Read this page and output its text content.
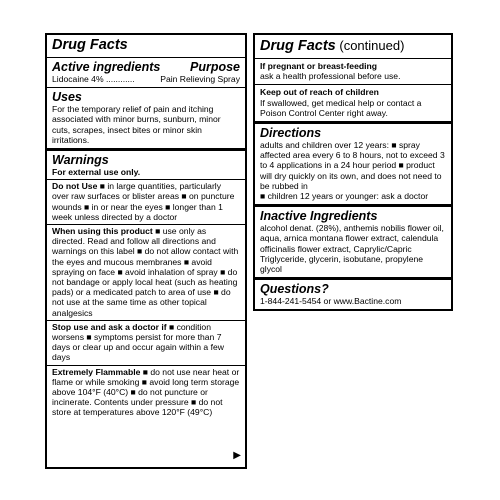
Drug Facts
Active ingredients Purpose
Lidocaine 4% ............	Pain Relieving Spray
Uses
For the temporary relief of pain and itching associated with minor burns, sunburn, minor cuts, scrapes, insect bites or minor skin irritations.
Warnings
For external use only.
Do not Use ■ in large quantities, particularly over raw surfaces or blister areas ■ on puncture wounds ■ in or near the eyes ■ longer than 1 week unless directed by a doctor
When using this product ■ use only as directed. Read and follow all directions and warnings on this label ■ do not allow contact with the eyes and mucous membranes ■ avoid spraying on face ■ avoid inhalation of spray ■ do not bandage or apply local heat (such as heating pads) or a medicated patch to area of use ■ do not use at the same time as other topical analgesics
Stop use and ask a doctor if ■ condition worsens ■ symptoms persist for more than 7 days or clear up and occur again within a few days
Extremely Flammable ■ do not use near heat or flame or while smoking ■ avoid long term storage above 104°F (40°C) ■ do not puncture or incinerate. Contents under pressure ■ do not store at temperatures above 120°F (49°C)
▶
Drug Facts (continued)
If pregnant or breast-feeding
ask a health professional before use.
Keep out of reach of children
If swallowed, get medical help or contact a Poison Control Center right away.
Directions
adults and children over 12 years: ■ spray affected area every 6 to 8 hours, not to exceed 3 to 4 applications in a 24 hour period ■ product will dry quickly on its own, and does not need to be rubbed in
■ children 12 years or younger: ask a doctor
Inactive Ingredients
alcohol denat. (28%), anthemis nobilis flower oil, aqua, arnica montana flower extract, calendula officinalis flower extract, Caprylic/Capric Triglyceride, glycerin, isobutane, propylene glycol
Questions?
1-844-241-5454 or www.Bactine.com
